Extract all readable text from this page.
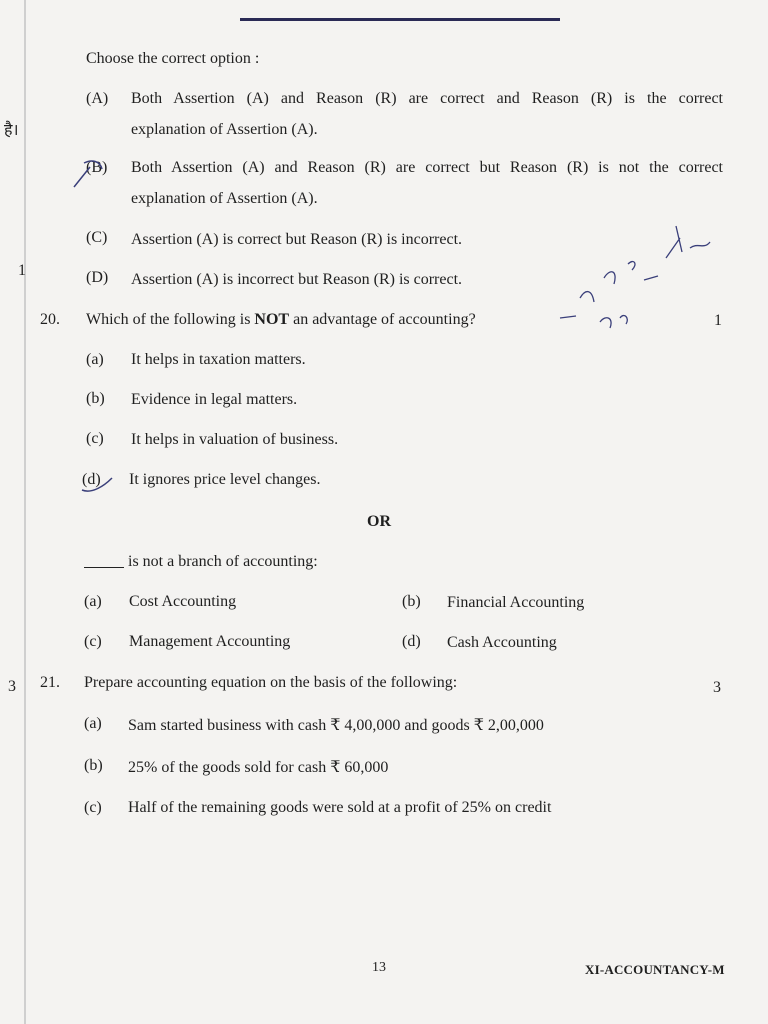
है।
1
3
Choose the correct option :
(A) Both Assertion (A) and Reason (R) are correct and Reason (R) is the correct
explanation of Assertion (A).
(B) Both Assertion (A) and Reason (R) are correct but Reason (R) is not the correct
explanation of Assertion (A).
(C) Assertion (A) is correct but Reason (R) is incorrect.
(D) Assertion (A) is incorrect but Reason (R) is correct.
20. Which of the following is NOT an advantage of accounting?	1
(a) It helps in taxation matters.
(b) Evidence in legal matters.
(c) It helps in valuation of business.
(d) It ignores price level changes.
OR
is not a branch of accounting:
(a) Cost Accounting	(b) Financial Accounting
(c) Management Accounting	(d) Cash Accounting
21. Prepare accounting equation on the basis of the following:	3
(a) Sam started business with cash ₹ 4,00,000 and goods ₹ 2,00,000
(b) 25% of the goods sold for cash ₹ 60,000
(c) Half of the remaining goods were sold at a profit of 25% on credit
13	XI-ACCOUNTANCY-M
